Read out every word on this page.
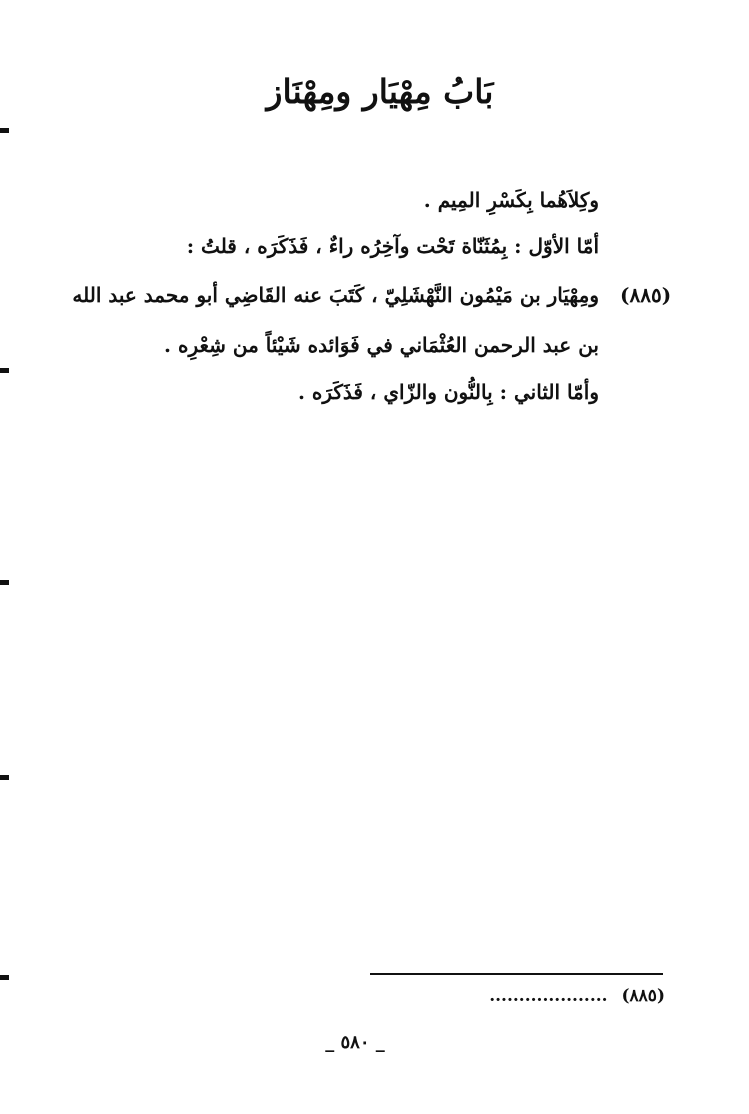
بَابُ مِهْيَار ومِهْنَاز
وكِلاَهُما بِكَسْرِ المِيم .
أمّا الأوّل : بِمُثَنّاة تَحْت وآخِرُه راءٌ ، فَذَكَرَه ، قلتُ :
ومِهْيَار بن مَيْمُون النَّهْشَلِيّ ، كَتَبَ عنه القَاضِي أبو محمد عبد الله (٨٨٥)
بن عبد الرحمن العُثْمَاني في فَوَائده شَيْئاً من شِعْرِه .
وأمّا الثاني : بِالنُّون والزّاي ، فَذَكَرَه .
(٨٨٥) ....................
_ ٥٨٠ _
